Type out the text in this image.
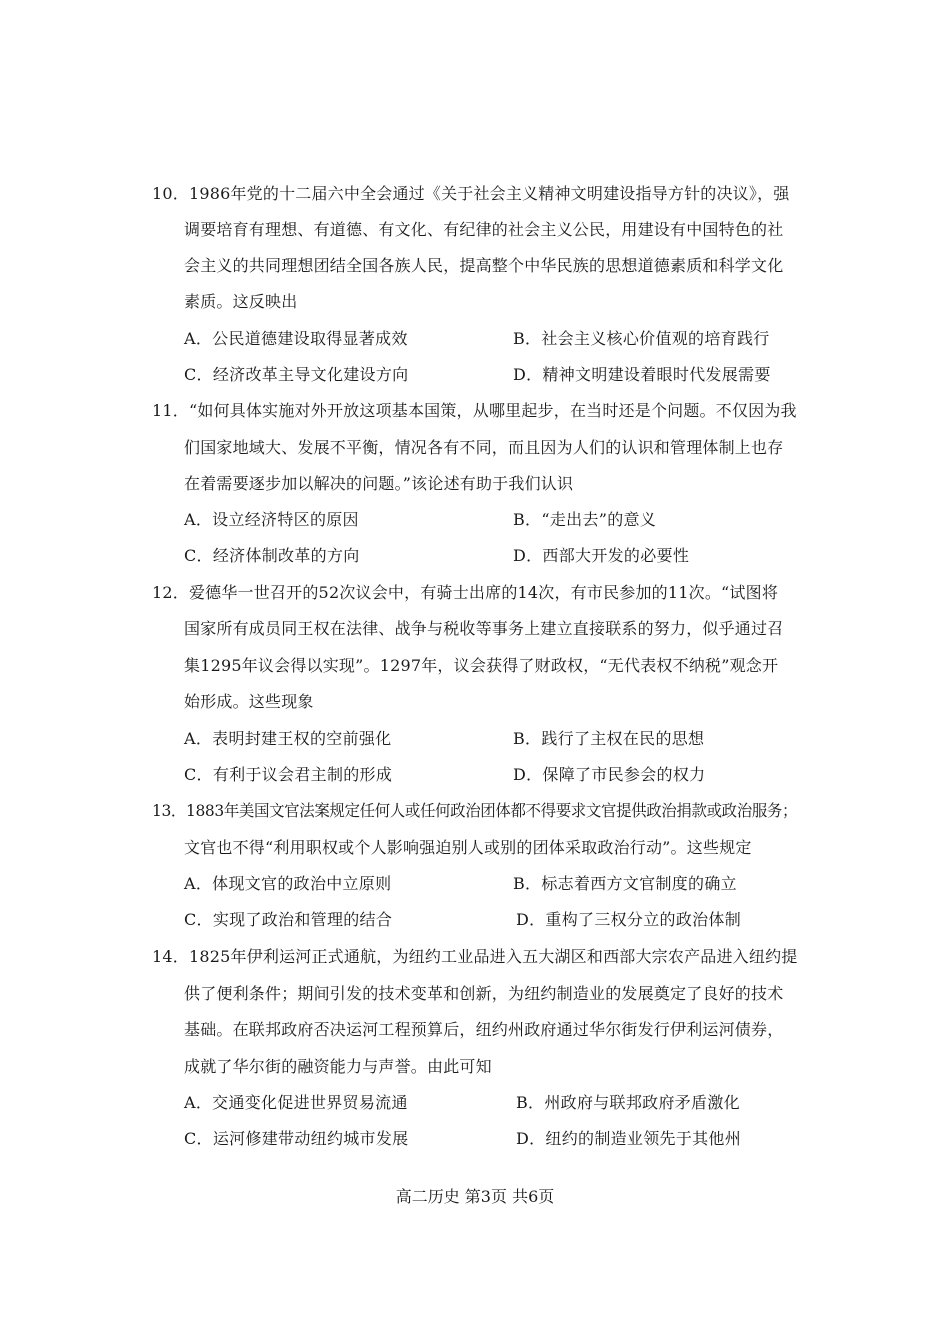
10．1986年党的十二届六中全会通过《关于社会主义精神文明建设指导方针的决议》，强
调要培育有理想、有道德、有文化、有纪律的社会主义公民，用建设有中国特色的社
会主义的共同理想团结全国各族人民，提高整个中华民族的思想道德素质和科学文化
素质。这反映出
A．公民道德建设取得显著成效	B．社会主义核心价值观的培育践行
C．经济改革主导文化建设方向	D．精神文明建设着眼时代发展需要
11．“如何具体实施对外开放这项基本国策，从哪里起步，在当时还是个问题。不仅因为我
们国家地域大、发展不平衡，情况各有不同，而且因为人们的认识和管理体制上也存
在着需要逐步加以解决的问题。”该论述有助于我们认识
A．设立经济特区的原因	B．“走出去”的意义
C．经济体制改革的方向	D．西部大开发的必要性
12．爱德华一世召开的52次议会中，有骑士出席的14次，有市民参加的11次。“试图将
国家所有成员同王权在法律、战争与税收等事务上建立直接联系的努力，似乎通过召
集1295年议会得以实现”。1297年，议会获得了财政权，“无代表权不纳税”观念开
始形成。这些现象
A．表明封建王权的空前强化	B．践行了主权在民的思想
C．有利于议会君主制的形成	D．保障了市民参会的权力
13．1883年美国文官法案规定任何人或任何政治团体都不得要求文官提供政治捐款或政治服务；
文官也不得“利用职权或个人影响强迫别人或别的团体采取政治行动”。这些规定
A．体现文官的政治中立原则	B．标志着西方文官制度的确立
C．实现了政治和管理的结合	D．重构了三权分立的政治体制
14．1825年伊利运河正式通航，为纽约工业品进入五大湖区和西部大宗农产品进入纽约提
供了便利条件；期间引发的技术变革和创新，为纽约制造业的发展奠定了良好的技术
基础。在联邦政府否决运河工程预算后，纽约州政府通过华尔街发行伊利运河债券，
成就了华尔街的融资能力与声誉。由此可知
A．交通变化促进世界贸易流通	B．州政府与联邦政府矛盾激化
C．运河修建带动纽约城市发展	D．纽约的制造业领先于其他州
高二历史 第3页 共6页
